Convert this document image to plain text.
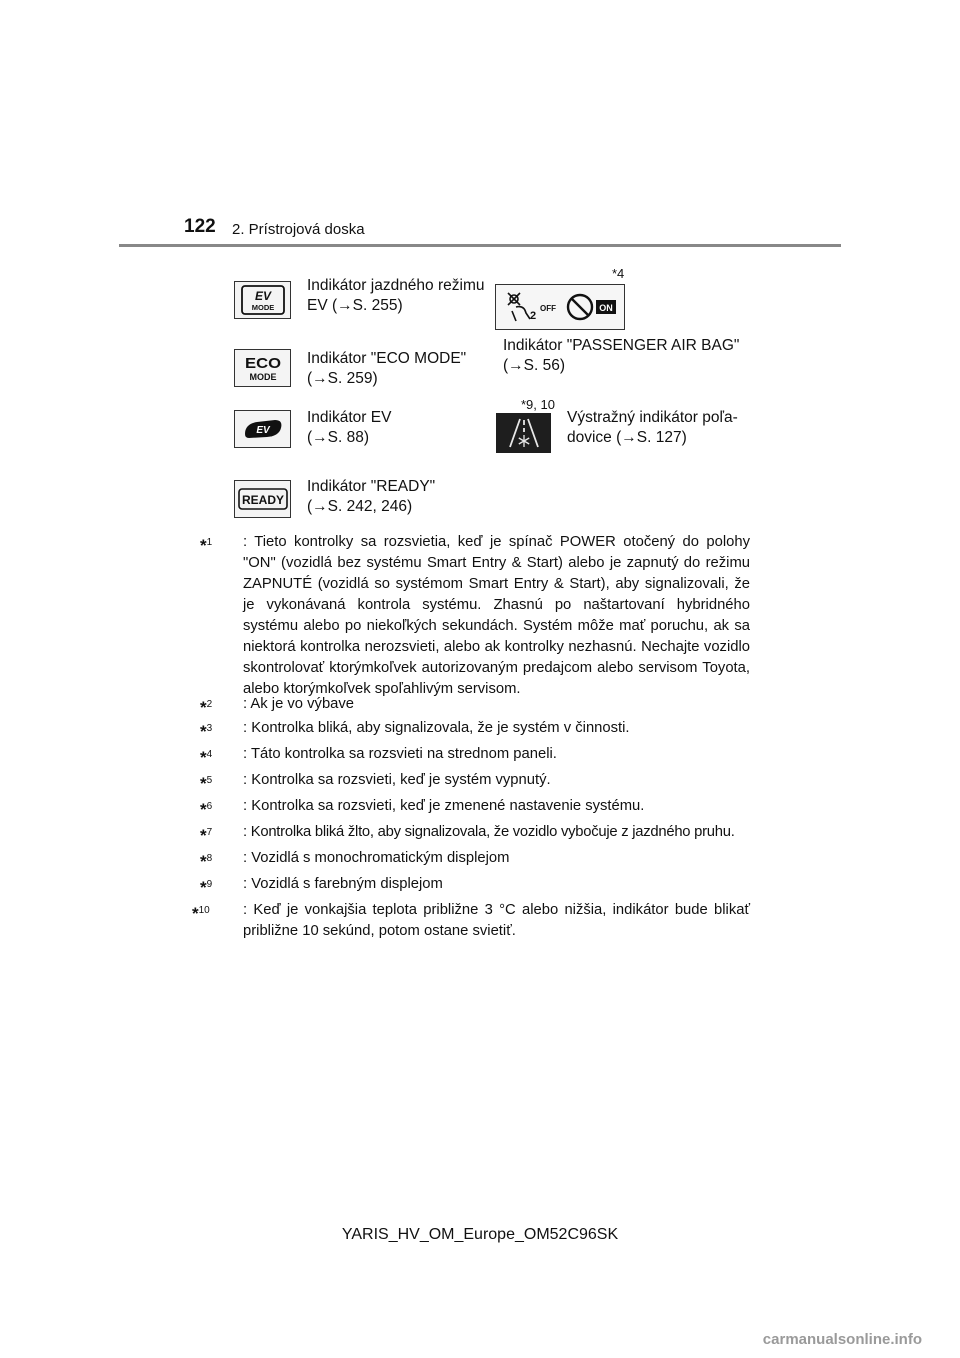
122 2. Prístrojová doska
EV
MODE
Indikátor jazdného režimu
EV (→S. 255)
*4
2
OFF	ON
Indikátor "PASSENGER AIR BAG"
(→S. 56)
ECO
MODE
Indikátor "ECO MODE"
(→S. 259)
EV
Indikátor EV
(→S. 88)
*9, 10
Výstražný indikátor poľa-
dovice (→S. 127)
READY
Indikátor "READY"
(→S. 242, 246)
*$^1$ : Tieto kontrolky sa rozsvietia, keď je spínač POWER otočený do polohy "ON" (vozidlá bez systému Smart Entry & Start) alebo je zapnutý do režimu ZAPNUTÉ (vozidlá so systémom Smart Entry & Start), aby signalizovali, že je vykonávaná kontrola systému. Zhasnú po naštartovaní hybridného systému alebo po niekoľkých sekundách. Systém môže mať poruchu, ak sa niektorá kontrolka nerozsvieti, alebo ak kontrolky nezhasnú. Nechajte vozidlo skontrolovať ktorýmkoľvek autorizovaným predajcom alebo servisom Toyota, alebo ktorýmkoľvek spoľahlivým servisom.
*$^2$ : Ak je vo výbave
*$^3$ : Kontrolka bliká, aby signalizovala, že je systém v činnosti.
*$^4$ : Táto kontrolka sa rozsvieti na strednom paneli.
*$^5$ : Kontrolka sa rozsvieti, keď je systém vypnutý.
*$^6$ : Kontrolka sa rozsvieti, keď je zmenené nastavenie systému.
*$^7$ : Kontrolka bliká žlto, aby signalizovala, že vozidlo vybočuje z jazdného pruhu.
*$^8$ : Vozidlá s monochromatickým displejom
*$^9$ : Vozidlá s farebným displejom
*$^{10}$ : Keď je vonkajšia teplota približne 3 °C alebo nižšia, indikátor bude blikať približne 10 sekúnd, potom ostane svietiť.
YARIS_HV_OM_Europe_OM52C96SK
carmanualsonline.info
